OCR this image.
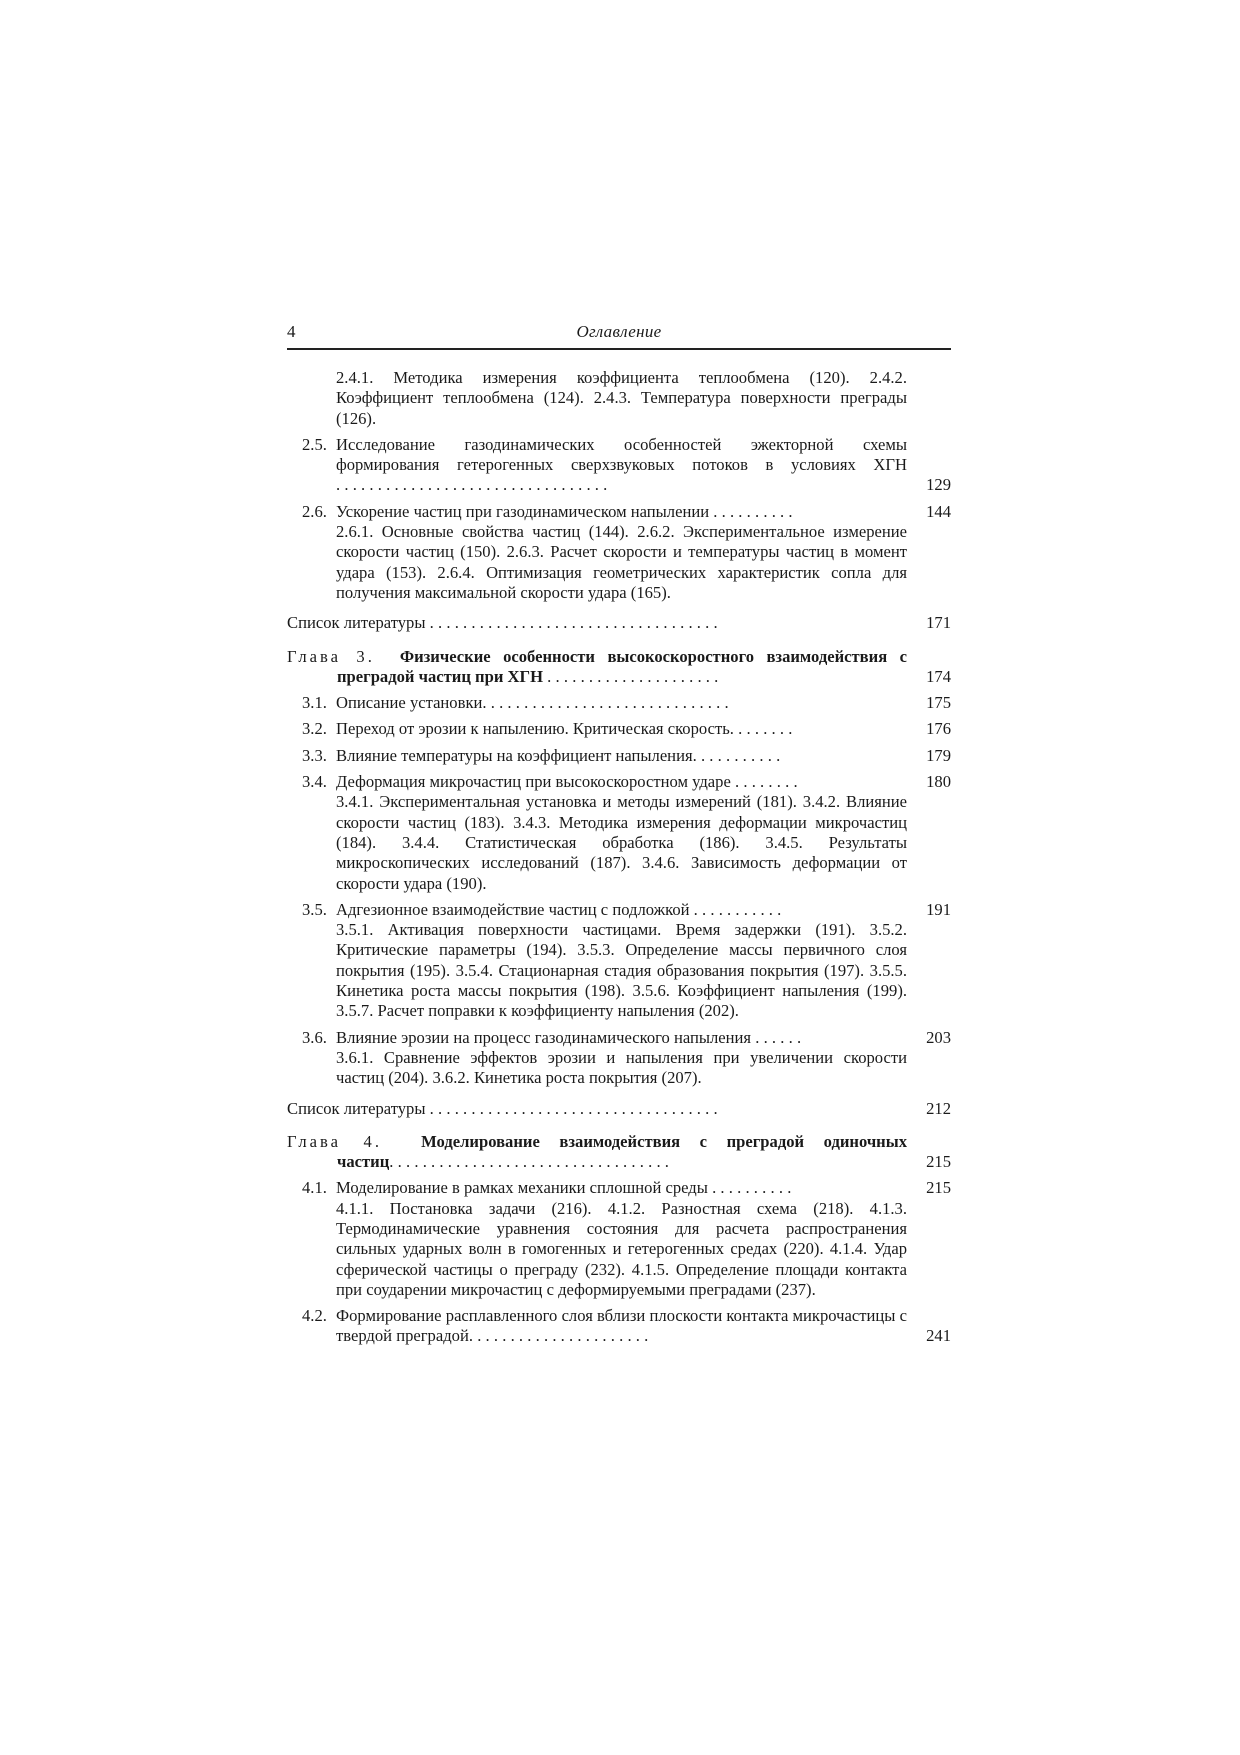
4	Оглавление
2.4.1. Методика измерения коэффициента теплообмена (120). 2.4.2. Коэффициент теплообмена (124). 2.4.3. Температура поверхности преграды (126).
2.5. Исследование газодинамических особенностей эжекторной схемы формирования гетерогенных сверхзвуковых потоков в условиях ХГН .................................	129
2.6. Ускорение частиц при газодинамическом напылении ..........	144
2.6.1. Основные свойства частиц (144). 2.6.2. Экспериментальное измерение скорости частиц (150). 2.6.3. Расчет скорости и температуры частиц в момент удара (153). 2.6.4. Оптимизация геометрических характеристик сопла для получения максимальной скорости удара (165).
Список литературы ...................................	171
Глава 3. Физические особенности высокоскоростного взаимодействия с преградой частиц при ХГН .....................	174
3.1. Описание установки..............................	175
3.2. Переход от эрозии к напылению. Критическая скорость........	176
3.3. Влияние температуры на коэффициент напыления...........	179
3.4. Деформация микрочастиц при высокоскоростном ударе ........	180
3.4.1. Экспериментальная установка и методы измерений (181). 3.4.2. Влияние скорости частиц (183). 3.4.3. Методика измерения деформации микрочастиц (184). 3.4.4. Статистическая обработка (186). 3.4.5. Результаты микроскопических исследований (187). 3.4.6. Зависимость деформации от скорости удара (190).
3.5. Адгезионное взаимодействие частиц с подложкой ...........	191
3.5.1. Активация поверхности частицами. Время задержки (191). 3.5.2. Критические параметры (194). 3.5.3. Определение массы первичного слоя покрытия (195). 3.5.4. Стационарная стадия образования покрытия (197). 3.5.5. Кинетика роста массы покрытия (198). 3.5.6. Коэффициент напыления (199). 3.5.7. Расчет поправки к коэффициенту напыления (202).
3.6. Влияние эрозии на процесс газодинамического напыления ......	203
3.6.1. Сравнение эффектов эрозии и напыления при увеличении скорости частиц (204). 3.6.2. Кинетика роста покрытия (207).
Список литературы ...................................	212
Глава 4. Моделирование взаимодействия с преградой одиночных частиц..................................	215
4.1. Моделирование в рамках механики сплошной среды ..........	215
4.1.1. Постановка задачи (216). 4.1.2. Разностная схема (218). 4.1.3. Термодинамические уравнения состояния для расчета распространения сильных ударных волн в гомогенных и гетерогенных средах (220). 4.1.4. Удар сферической частицы о преграду (232). 4.1.5. Определение площади контакта при соударении микрочастиц с деформируемыми преградами (237).
4.2. Формирование расплавленного слоя вблизи плоскости контакта микрочастицы с твердой преградой......................	241
